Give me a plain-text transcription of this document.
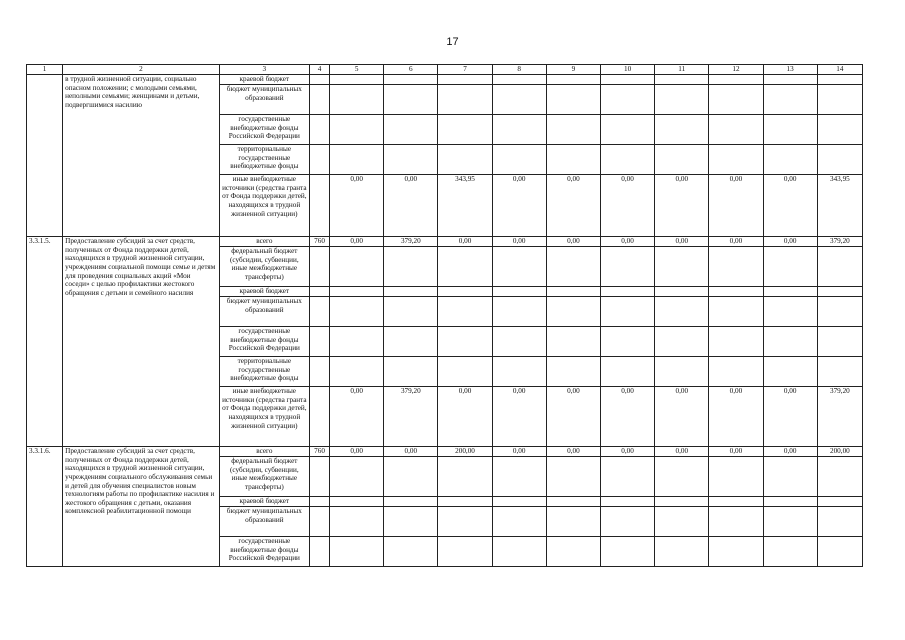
17
1	2	3	4	5	6	7	8	9	10	11	12	13	14
	в трудной жизненной ситуации, социально опасном положении; с молодыми семьями, неполными семьями; женщинами и детьми, подвергшимися насилию	краевой бюджет											
		бюджет муниципальных образований											
		государственные внебюджетные фонды Российской Федерации											
		территориальные государственные внебюджетные фонды											
		иные внебюджетные источники (средства гранта от Фонда поддержки детей, находящихся в трудной жизненной ситуации)		0,00	0,00	343,95	0,00	0,00	0,00	0,00	0,00	0,00	343,95
3.3.1.5.	Предоставление субсидий за счет средств, полученных от Фонда поддержки детей, находящихся в трудной жизненной ситуации, учреждениям социальной помощи семье и детям для проведения социальных акций «Мои соседи» с целью профилактики жестокого обращения с детьми и семейного насилия	всего	760	0,00	379,20	0,00	0,00	0,00	0,00	0,00	0,00	0,00	379,20
		федеральный бюджет (субсидии, субвенции, иные межбюджетные трансферты)											
		краевой бюджет											
		бюджет муниципальных образований											
		государственные внебюджетные фонды Российской Федерации											
		территориальные государственные внебюджетные фонды											
		иные внебюджетные источники (средства гранта от Фонда поддержки детей, находящихся в трудной жизненной ситуации)		0,00	379,20	0,00	0,00	0,00	0,00	0,00	0,00	0,00	379,20
3.3.1.6.	Предоставление субсидий за счет средств, полученных от Фонда поддержки детей, находящихся в трудной жизненной ситуации, учреждениям социального обслуживания семьи и детей для обучения специалистов новым технологиям работы по профилактике насилия и жестокого обращения с детьми, оказания комплексной реабилитационной помощи	всего	760	0,00	0,00	200,00	0,00	0,00	0,00	0,00	0,00	0,00	200,00
		федеральный бюджет (субсидии, субвенции, иные межбюджетные трансферты)											
		краевой бюджет											
		бюджет муниципальных образований											
		государственные внебюджетные фонды Российской Федерации											
